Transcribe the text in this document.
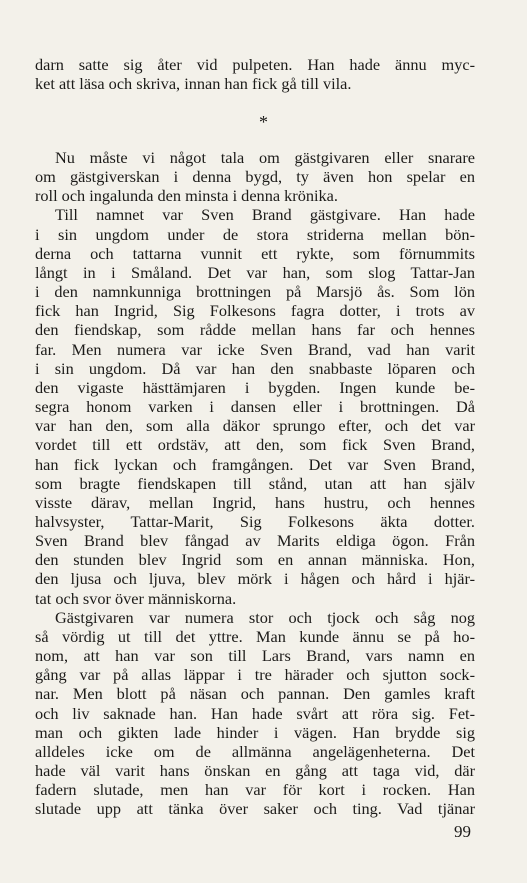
darn satte sig åter vid pulpeten. Han hade ännu myc-
ket att läsa och skriva, innan han fick gå till vila.
*
Nu måste vi något tala om gästgivaren eller snarare
om gästgiverskan i denna bygd, ty även hon spelar en
roll och ingalunda den minsta i denna krönika.
Till namnet var Sven Brand gästgivare. Han hade
i sin ungdom under de stora striderna mellan bön-
derna och tattarna vunnit ett rykte, som förnummits
långt in i Småland. Det var han, som slog Tattar-Jan
i den namnkunniga brottningen på Marsjö ås. Som lön
fick han Ingrid, Sig Folkesons fagra dotter, i trots av
den fiendskap, som rådde mellan hans far och hennes
far. Men numera var icke Sven Brand, vad han varit
i sin ungdom. Då var han den snabbaste löparen och
den vigaste hästtämjaren i bygden. Ingen kunde be-
segra honom varken i dansen eller i brottningen. Då
var han den, som alla däkor sprungo efter, och det var
vordet till ett ordstäv, att den, som fick Sven Brand,
han fick lyckan och framgången. Det var Sven Brand,
som bragte fiendskapen till stånd, utan att han själv
visste därav, mellan Ingrid, hans hustru, och hennes
halvsyster, Tattar-Marit, Sig Folkesons äkta dotter.
Sven Brand blev fångad av Marits eldiga ögon. Från
den stunden blev Ingrid som en annan människa. Hon,
den ljusa och ljuva, blev mörk i hågen och hård i hjär-
tat och svor över människorna.
Gästgivaren var numera stor och tjock och såg nog
så vördig ut till det yttre. Man kunde ännu se på ho-
nom, att han var son till Lars Brand, vars namn en
gång var på allas läppar i tre härader och sjutton sock-
nar. Men blott på näsan och pannan. Den gamles kraft
och liv saknade han. Han hade svårt att röra sig. Fet-
man och gikten lade hinder i vägen. Han brydde sig
alldeles icke om de allmänna angelägenheterna. Det
hade väl varit hans önskan en gång att taga vid, där
fadern slutade, men han var för kort i rocken. Han
slutade upp att tänka över saker och ting. Vad tjänar
99
